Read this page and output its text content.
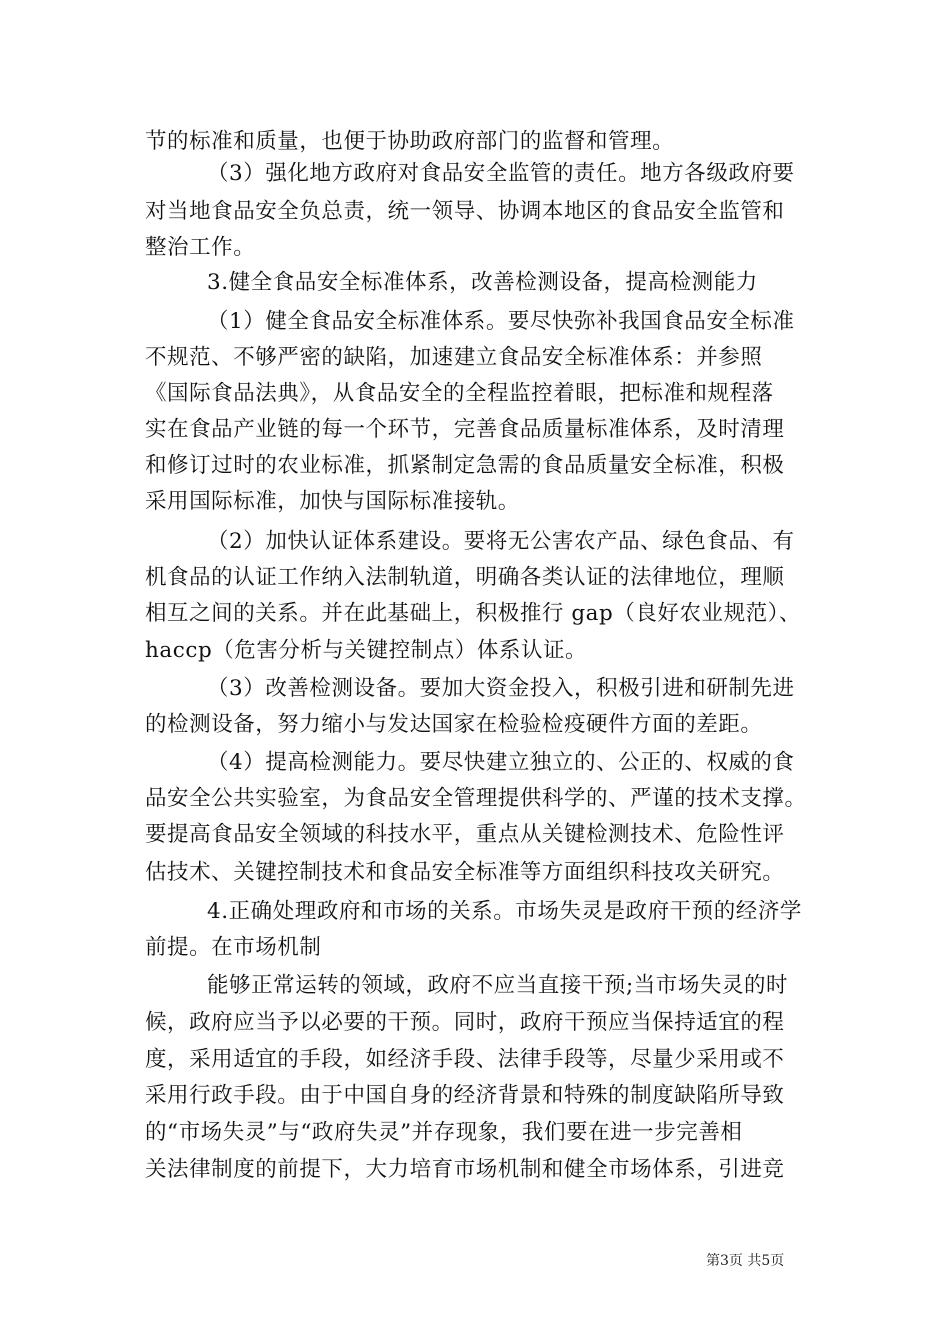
节的标准和质量，也便于协助政府部门的监督和管理。
（3）强化地方政府对食品安全监管的责任。地方各级政府要
对当地食品安全负总责，统一领导、协调本地区的食品安全监管和
整治工作。
3.健全食品安全标准体系，改善检测设备，提高检测能力
（1）健全食品安全标准体系。要尽快弥补我国食品安全标准
不规范、不够严密的缺陷，加速建立食品安全标准体系：并参照
《国际食品法典》，从食品安全的全程监控着眼，把标准和规程落
实在食品产业链的每一个环节，完善食品质量标准体系，及时清理
和修订过时的农业标准，抓紧制定急需的食品质量安全标准，积极
采用国际标准，加快与国际标准接轨。
（2）加快认证体系建设。要将无公害农产品、绿色食品、有
机食品的认证工作纳入法制轨道，明确各类认证的法律地位，理顺
相互之间的关系。并在此基础上，积极推行 gap（良好农业规范）、
haccp（危害分析与关键控制点）体系认证。
（3）改善检测设备。要加大资金投入，积极引进和研制先进
的检测设备，努力缩小与发达国家在检验检疫硬件方面的差距。
（4）提高检测能力。要尽快建立独立的、公正的、权威的食
品安全公共实验室，为食品安全管理提供科学的、严谨的技术支撑。
要提高食品安全领域的科技水平，重点从关键检测技术、危险性评
估技术、关键控制技术和食品安全标准等方面组织科技攻关研究。
4.正确处理政府和市场的关系。市场失灵是政府干预的经济学
前提。在市场机制
能够正常运转的领域，政府不应当直接干预;当市场失灵的时
候，政府应当予以必要的干预。同时，政府干预应当保持适宜的程
度，采用适宜的手段，如经济手段、法律手段等，尽量少采用或不
采用行政手段。由于中国自身的经济背景和特殊的制度缺陷所导致
的“市场失灵”与“政府失灵”并存现象，我们要在进一步完善相
关法律制度的前提下，大力培育市场机制和健全市场体系，引进竞
第3页 共5页
